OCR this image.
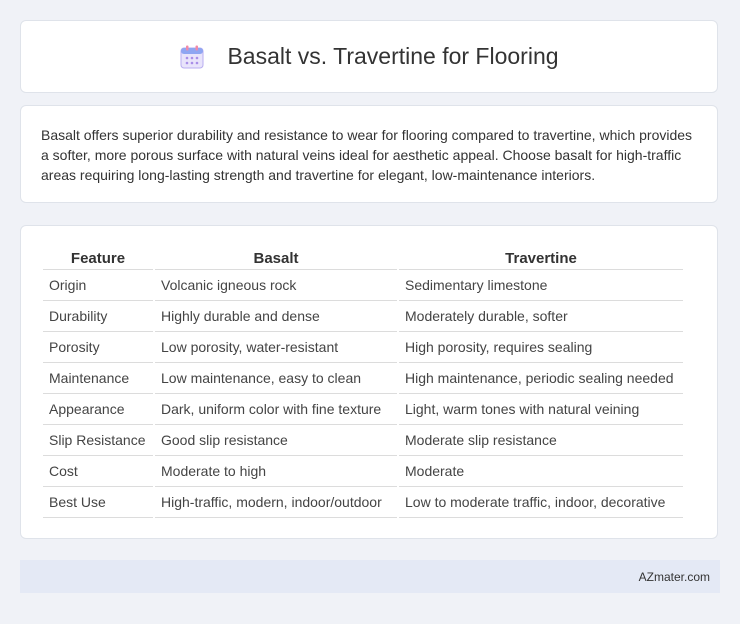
Basalt vs. Travertine for Flooring

Basalt offers superior durability and resistance to wear for flooring compared to travertine, which provides a softer, more porous surface with natural veins ideal for aesthetic appeal. Choose basalt for high-traffic areas requiring long-lasting strength and travertine for elegant, low-maintenance interiors.

Feature	Basalt	Travertine
Origin	Volcanic igneous rock	Sedimentary limestone
Durability	Highly durable and dense	Moderately durable, softer
Porosity	Low porosity, water-resistant	High porosity, requires sealing
Maintenance	Low maintenance, easy to clean	High maintenance, periodic sealing needed
Appearance	Dark, uniform color with fine texture	Light, warm tones with natural veining
Slip Resistance	Good slip resistance	Moderate slip resistance
Cost	Moderate to high	Moderate
Best Use	High-traffic, modern, indoor/outdoor	Low to moderate traffic, indoor, decorative
AZmater.com
